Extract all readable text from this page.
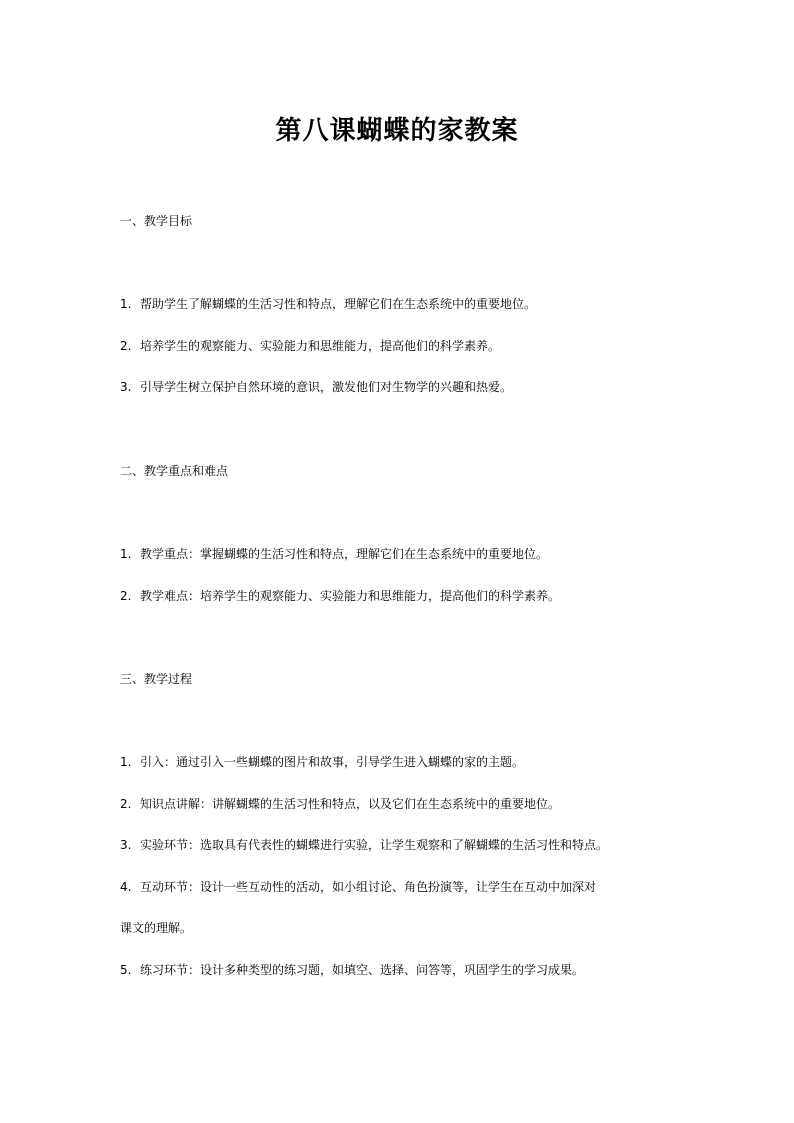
第八课蝴蝶的家教案

一、教学目标

1. 帮助学生了解蝴蝶的生活习性和特点，理解它们在生态系统中的重要地位。

2. 培养学生的观察能力、实验能力和思维能力，提高他们的科学素养。

3. 引导学生树立保护自然环境的意识，激发他们对生物学的兴趣和热爱。

二、教学重点和难点

1. 教学重点：掌握蝴蝶的生活习性和特点，理解它们在生态系统中的重要地位。

2. 教学难点：培养学生的观察能力、实验能力和思维能力，提高他们的科学素养。

三、教学过程

1. 引入：通过引入一些蝴蝶的图片和故事，引导学生进入蝴蝶的家的主题。

2. 知识点讲解：讲解蝴蝶的生活习性和特点，以及它们在生态系统中的重要地位。

3. 实验环节：选取具有代表性的蝴蝶进行实验，让学生观察和了解蝴蝶的生活习性和特点。

4. 互动环节：设计一些互动性的活动，如小组讨论、角色扮演等，让学生在互动中加深对

课文的理解。

5. 练习环节：设计多种类型的练习题，如填空、选择、问答等，巩固学生的学习成果。
